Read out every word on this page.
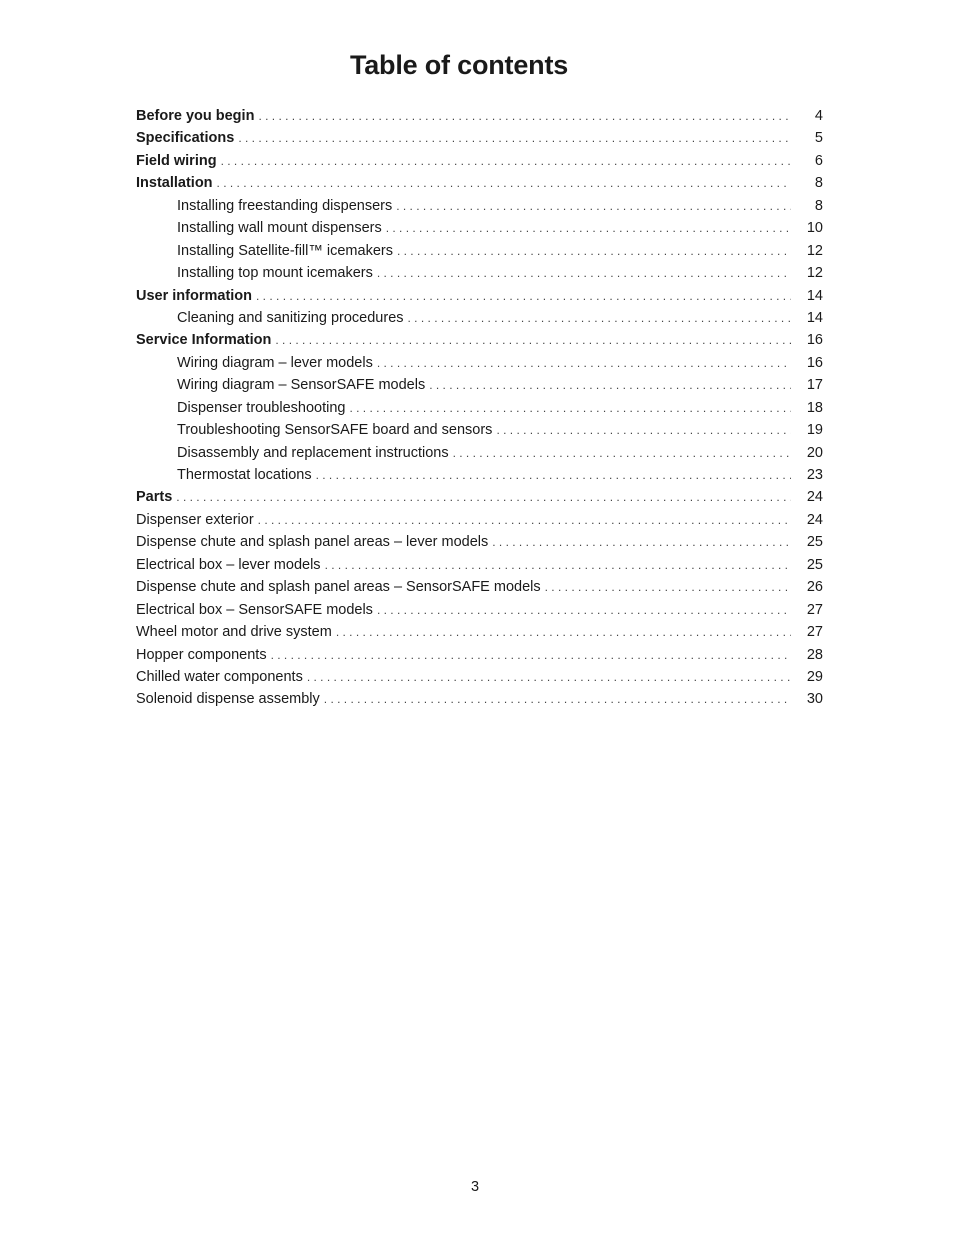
Table of contents
Before you begin . . .	4
Specifications . . .	5
Field wiring . . .	6
Installation . . .	8
Installing freestanding dispensers . . .	8
Installing wall mount dispensers . . .	10
Installing Satellite-fill™ icemakers . . .	12
Installing top mount icemakers . . .	12
User information . . .	14
Cleaning and sanitizing procedures . . .	14
Service Information . . .	16
Wiring diagram – lever models . . .	16
Wiring diagram – SensorSAFE models . . .	17
Dispenser troubleshooting . . .	18
Troubleshooting SensorSAFE board and sensors . . .	19
Disassembly and replacement instructions . . .	20
Thermostat locations . . .	23
Parts . . .	24
Dispenser exterior . . .	24
Dispense chute and splash panel areas – lever models . . .	25
Electrical box – lever models . . .	25
Dispense chute and splash panel areas – SensorSAFE models . . .	26
Electrical box – SensorSAFE models . . .	27
Wheel motor and drive system . . .	27
Hopper components . . .	28
Chilled water components . . .	29
Solenoid dispense assembly . . .	30
3
